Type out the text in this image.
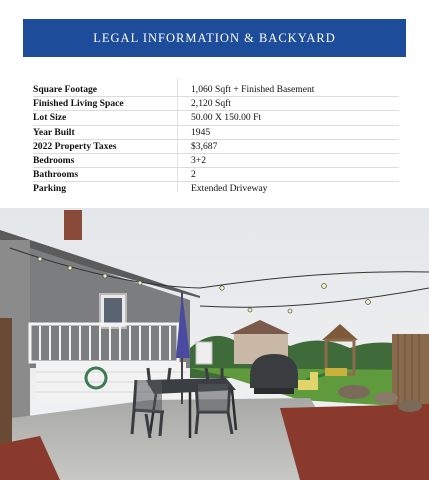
LEGAL INFORMATION & BACKYARD
Square Footage	1,060 Sqft + Finished Basement
Finished Living Space	2,120 Sqft
Lot Size	50.00 X 150.00 Ft
Year Built	1945
2022 Property Taxes	$3,687
Bedrooms	3+2
Bathrooms	2
Parking	Extended Driveway
